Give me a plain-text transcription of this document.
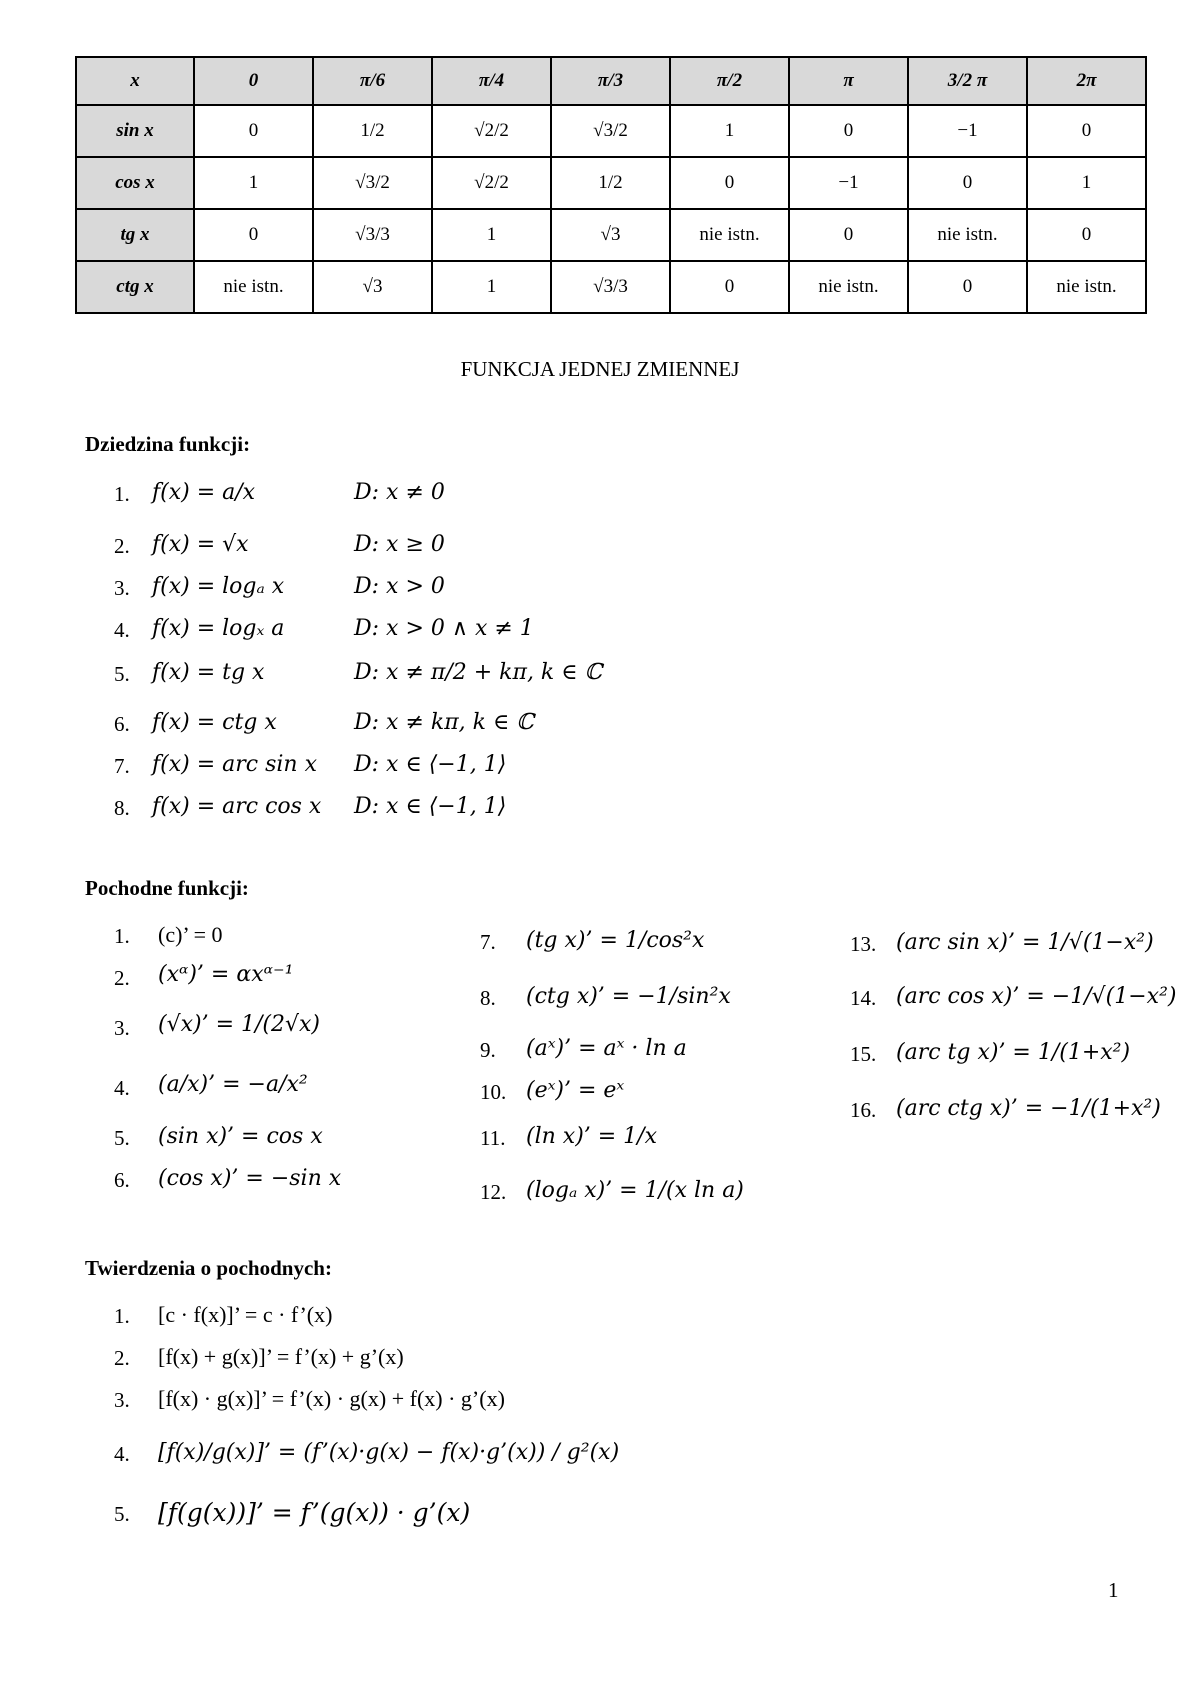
x	0	π/6	π/4	π/3	π/2	π	3/2 π	2π
sin x	0	1/2	√2/2	√3/2	1	0	−1	0
cos x	1	√3/2	√2/2	1/2	0	−1	0	1
tg x	0	√3/3	1	√3	nie istn.	0	nie istn.	0
ctg x	nie istn.	√3	1	√3/3	0	nie istn.	0	nie istn.
FUNKCJA JEDNEJ ZMIENNEJ
Dziedzina funkcji:
1. f(x) = a/x	D: x ≠ 0
2. f(x) = √x	D: x ≥ 0
3. f(x) = logₐ x	D: x > 0
4. f(x) = logₓ a	D: x > 0 ∧ x ≠ 1
5. f(x) = tg x	D: x ≠ π/2 + kπ, k ∈ ℂ
6. f(x) = ctg x	D: x ≠ kπ, k ∈ ℂ
7. f(x) = arc sin x D: x ∈ ⟨−1, 1⟩
8. f(x) = arc cos x D: x ∈ ⟨−1, 1⟩
Pochodne funkcji:
1. (c)’ = 0
2. (xᵅ)’ = αxᵅ⁻¹
3. (√x)’ = 1/(2√x)
4. (a/x)’ = −a/x²
5. (sin x)’ = cos x
6. (cos x)’ = −sin x
7. (tg x)’ = 1/cos²x
8. (ctg x)’ = −1/sin²x
9. (aˣ)’ = aˣ · ln a
10. (eˣ)’ = eˣ
11. (ln x)’ = 1/x
12. (logₐ x)’ = 1/(x ln a)
13. (arc sin x)’ = 1/√(1−x²)
14. (arc cos x)’ = −1/√(1−x²)
15. (arc tg x)’ = 1/(1+x²)
16. (arc ctg x)’ = −1/(1+x²)
Twierdzenia o pochodnych:
1. [c · f(x)]’ = c · f’(x)
2. [f(x) + g(x)]’ = f’(x) + g’(x)
3. [f(x) · g(x)]’ = f’(x) · g(x) + f(x) · g’(x)
4. [f(x)/g(x)]’ = (f’(x)·g(x) − f(x)·g’(x)) / g²(x)
5. [f(g(x))]’ = f’(g(x)) · g’(x)
1
